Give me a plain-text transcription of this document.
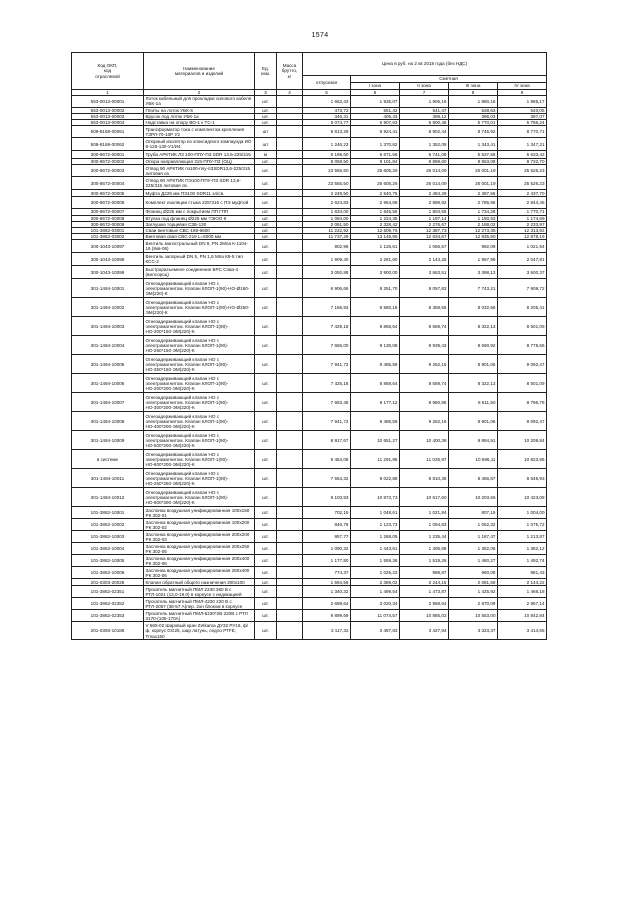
1574
Код ОКП,
код
отраслевой	Наименование
материалов и изделий	Ед.
изм.	Масса
брутто,
кг	Цена в руб. на 2 кв 2018 года (без НДС)				
				отпускная	Сметная			
					I зона	II зона	III зона	IV зона
1	2	3	4	5	6	7	8	9
553-0013-00001	Лоток кабельный для прокладки силового кабеля УБК-1а	шт.		1 662,43	1 935,07	1 906,16	1 880,18	1 885,17
553-0013-00002	Плиты на лоток УБК-5	шт.		473,73	551,42	541,47	538,63	540,05
553-0013-00003	Брусок под лоток УБК-1а	шт.		346,31	405,43	398,12	396,03	397,07
553-0013-00004	Надставка на опору ВО-1 к ТС-1	шт.		5 074,77	5 907,63	5 800,46	5 770,01	5 786,24
509-8168-00061	Трансформатор тока с комплектом крепления ТЗРЛ-70-10Р У2	шт		8 813,29	8 924,41	8 902,44	8 745,92	8 770,71
509-8168-00062	Опорный изолятор из эпоксидного компаунда ИО 8-125-130-У1/И4	шт		1 246,23	1 370,82	1 352,09	1 343,41	1 347,21
300-8672-00001	Труба АРКТИК ЛЗ 100-ППУ-ПЗ SDR 13,6-225/315	м		5 198,60	5 671,56	5 741,09	5 537,55	5 633,42
300-8672-00002	Опора направляющая 315-ППУ-ПЗ (ОЦ)	шт.		8 058,50	9 101,84	8 899,60	8 553,08	8 732,70
300-8672-00003	Отвод 90 АРКТИК пэ100-ппу-пЗSDR13,6-225/315 литовая св.	шт.		23 555,50	25 605,26	26 014,09	25 001,19	25 526,23
300-8672-00004	Отвод 90 АРКТИК ПЭ100-ППУ-ПЗ SDR 13,6-225/315 литовая св.	шт.		23 555,50	26 605,26	26 014,09	25 001,19	25 526,23
300-8672-00005	Муфта Д225 мм ПЭ100 SDR11 эл/св.	шт.		2 249,50	2 540,75	2 484,29	2 387,56	2 437,70
300-8672-00006	Комплект изоляции стыка 225*315 с ПЭ муфтой	шт.		2 624,83	2 964,69	2 898,82	2 785,95	2 844,45
300-8672-00007	Фланец Ø225 мм с покрытием ПП ГПП	шт.		1 634,00	1 845,56	1 804,55	1 734,28	1 770,71
300-8672-00008	Втулка под фланец Ø225 мм ?ЭЮО 9	шт.		1 084,00	1 224,35	1 197,14	1 150,53	1 174,69
300-8672-00009	Заглушка торцевая СЗБ-130	шт.		2 061,50	2 328,42	2 276,67	2 188,02	2 233,97
101-3862-03001	Сваи винтовые СВС-159-6600	шт.		11 222,92	12 509,76	12 387,73	12 273,35	12 313,82
101-3862-03002	Винтовая свая СВС-219 L=5000 мм	шт.		11 737,29	13 145,86	12 634,67	12 835,80	12 878,19
300-1043-10097	Вентиль магистральный DN 8, PN 2Мпа К-1104-16 (8кв-06)	шт.		902,96	1 126,61	1 066,57	992,09	1 021,94
300-1043-10098	Вентиль запорный DN 5, PN 1,6 Мпа К9-5 тип КСС-2	шт.		1 909,40	2 281,60	2 143,25	1 987,99	2 047,81
300-1043-10099	Быстроразъемное соединение БРС Сова-4 (вилсороц)	шт.		3 092,88	3 900,00	3 663,51	3 398,13	3 500,37
301-1494-10001	Огнезадерживающий клапан НО с электромагнитом. Клапан КЛОП-1(90)-НО-Ø160-ЭМ(220)-К	шт.		6 906,66	8 251,70	8 057,83	7 743,21	7 909,72
301-1494-10002	Огнезадерживающий клапан НО с электромагнитом. Клапан КЛОП-1(90)-НО-Ø250-ЭМ(220)-К	шт.		7 166,93	8 580,18	8 358,55	8 032,66	8 205,41
301-1494-10003	Огнезадерживающий клапан НО с электромагнитом. Клапан КЛОП-1(90)-НО-200*150-ЭМ(220)-К	шт.		7 429,18	8 868,64	8 659,74	8 322,13	8 501,09
301-1494-10004	Огнезадерживающий клапан НО с электромагнитом. Клапан КЛОП-1(90)-НО-250*150-ЭМ(220)-К	шт.		7 665,00	9 135,08	8 939,43	8 590,92	8 775,66
301-1494-10005	Огнезадерживающий клапан НО с электромагнитом. Клапан КЛОП-1(90)-НО-350*150-ЭМ(220)-К	шт.		7 941,72	9 485,59	9 262,16	8 901,06	9 092,47
301-1494-10006	Огнезадерживающий клапан НО с электромагнитом. Клапан КЛОП-1(90)-НО-200*200-ЭМ(220)-К	шт.		7 425,18	8 868,64	8 659,74	8 322,13	8 501,09
301-1494-10007	Огнезадерживающий клапан НО с электромагнитом. Клапан КЛОП-1(90)-НО-300*200-ЭМ(220)-К	шт.		7 683,46	9 177,12	8 960,95	8 611,50	8 796,78
301-1494-10008	Огнезадерживающий клапан НО с электромагнитом. Клапан КЛОП-1(90)-НО-400*200-ЭМ(220)-К	шт.		7 941,72	9 485,59	9 262,16	8 901,06	9 092,47
301-1494-10009	Огнезадерживающий клапан НО с электромагнитом. Клапан КЛОП-1(90)-НО-500*200-ЭМ(220)-К	шт.		8 917,67	10 651,27	10 400,38	9 994,91	10 209,84
в системе	Огнезадерживающий клапан НО с электромагнитом. Клапан КЛОП-1(90)-НО-600*200-ЭМ(220)-К	шт.		9 454,08	11 291,95	11 025,97	10 596,11	10 823,96
301-1494-10011	Огнезадерживающий клапан НО с электромагнитом. Клапан КЛОП-1(90)-НО-250*250-ЭМ(220)-К	шт.		7 554,32	9 022,88	8 810,35	8 466,87	8 648,93
301-1494-10012	Огнезадерживающий клапан НО с электромагнитом. Клапан КЛОП-1(90)-НО-600*300-ЭМ(220)-К	шт.		9 103,93	10 873,73	10 617,60	10 203,66	10 423,08
101-3862-10001	Заслонка воздушная унифицированная 100х150 РК 302-01	шт.		702,15	1 048,61	1 021,84	807,16	1 004,00
101-3862-10002	Заслонка воздушная унифицированная 100х200 РК 302-02	шт.		846,76	1 123,73	1 094,83	1 052,32	1 075,72
101-3862-10003	Заслонка воздушная унифицированная 200х200 РК 302-03	шт.		957,77	1 268,05	1 235,44	1 187,47	1 213,87
101-3862-10004	Заслонка воздушная унифицированная 200х250 РК 302-05	шт.		1 090,32	1 443,61	1 405,68	1 352,06	1 382,12
101-3862-10005	Заслонка воздушная унифицированная 200х400 РК 302-06	шт.		1 177,80	1 559,36	1 519,26	1 460,27	1 492,74
101-3862-10006	Заслонка воздушная унифицированная 250х400 РК 302-06	шт.		774,37	1 025,23	998,87	960,08	981,43
201-0303-20028	Клапан обратный общего назначения 200х100	шт.		1 594,59	2 389,02	2 244,15	2 081,59	2 144,22
101-3862-02351	Пускатель магнитный ПМЛ 2230 380 В с РТЛ-1021 (13,0-19,0) в корпусе с индикацией	шт.		1 340,32	1 499,54	1 473,87	1 425,92	1 466,18
101-3862-02352	Пускатель магнитный ПМЛ-4230 220 В с РТЛ-2057 (38-57 А)пер. 2хн блоком в корпусе	шт.		2 699,64	3 020,34	2 968,64	2 870,09	2 957,14
101-3862-02353	Пускатель магнитный ПМЛ-6230*2В 220В с РТЛ 3170-(105-170А)	шт.		9 899,69	11 074,57	10 885,02	10 553,00	10 842,84
201-0393-10188	V 565-02 Шаровый кран Zetkama ДУ32 РУ16, ф/ф, корпус GG25, шар латунь, седло РТFE, Tmax150	шт.		3 117,32	3 487,83	3 427,94	3 323,37	3 414,65
